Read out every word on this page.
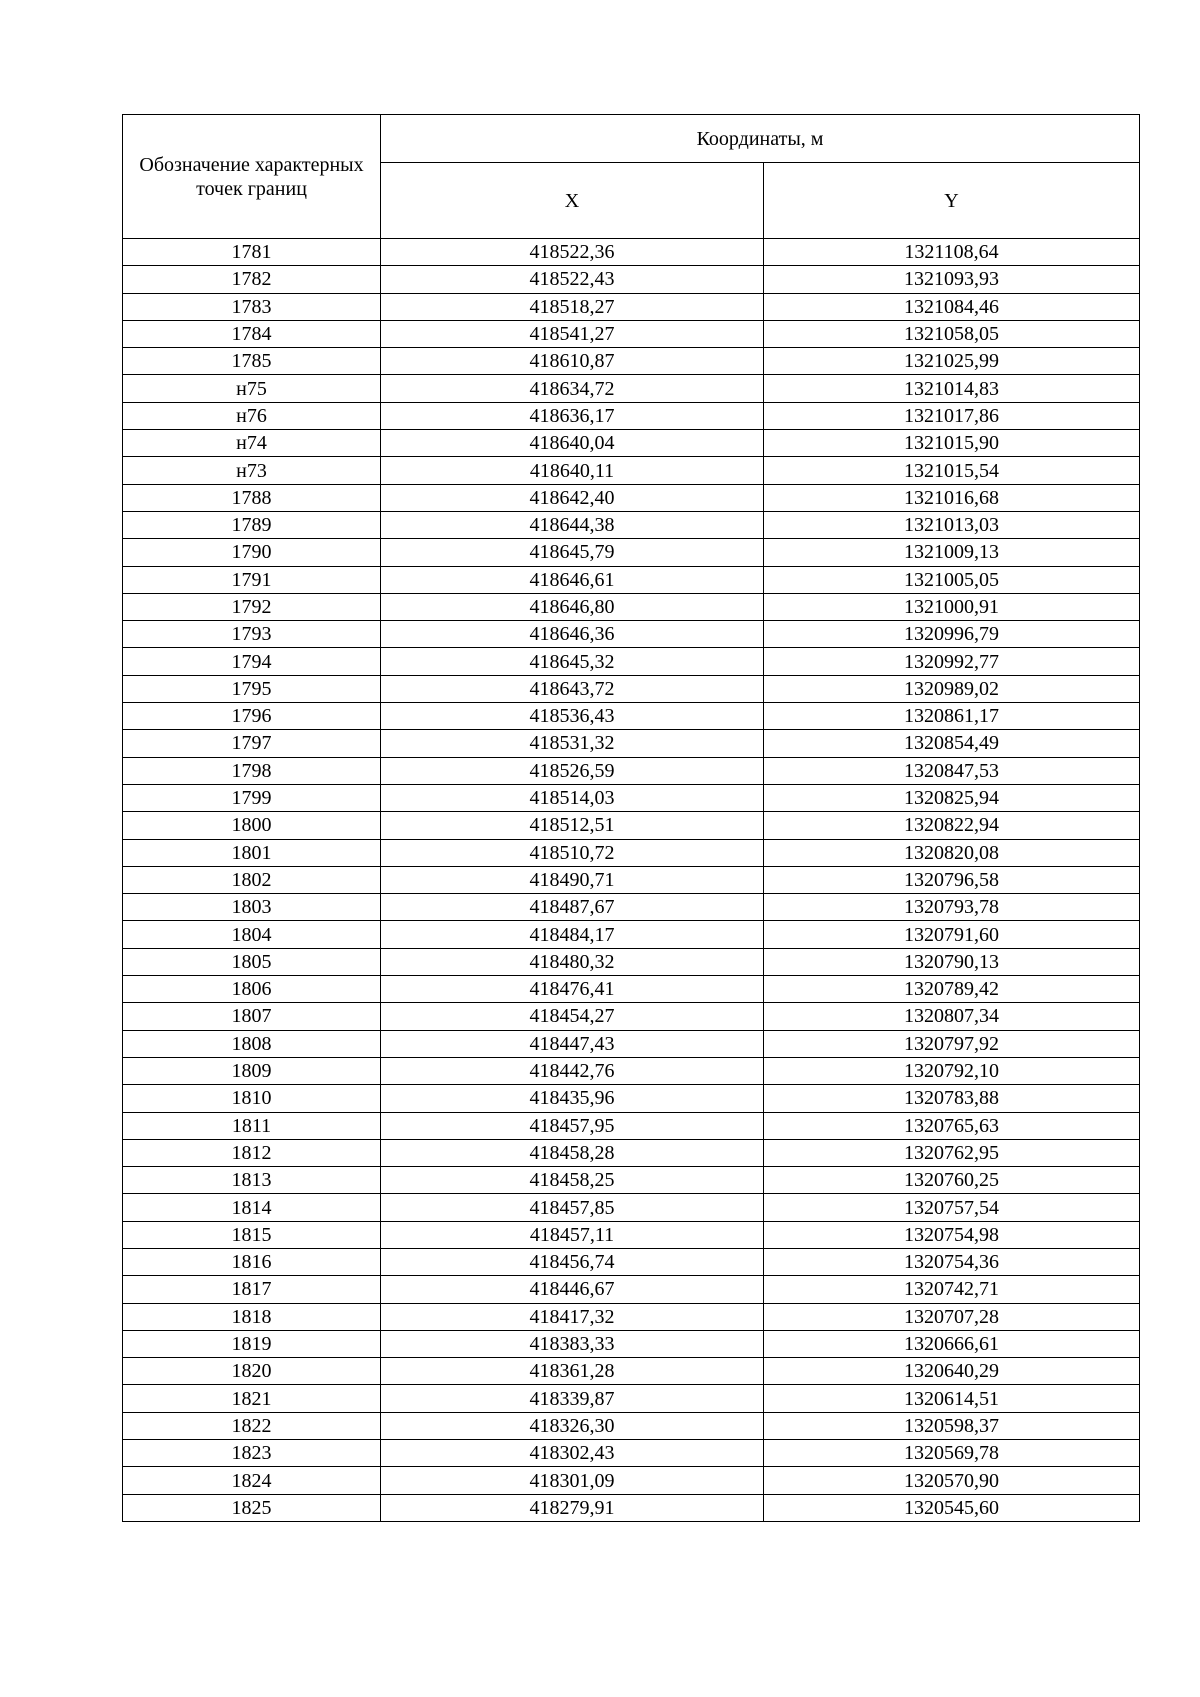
Обозначение характерных точек границ	Координаты, м	
	X	Y
1781	418522,36	1321108,64
1782	418522,43	1321093,93
1783	418518,27	1321084,46
1784	418541,27	1321058,05
1785	418610,87	1321025,99
н75	418634,72	1321014,83
н76	418636,17	1321017,86
н74	418640,04	1321015,90
н73	418640,11	1321015,54
1788	418642,40	1321016,68
1789	418644,38	1321013,03
1790	418645,79	1321009,13
1791	418646,61	1321005,05
1792	418646,80	1321000,91
1793	418646,36	1320996,79
1794	418645,32	1320992,77
1795	418643,72	1320989,02
1796	418536,43	1320861,17
1797	418531,32	1320854,49
1798	418526,59	1320847,53
1799	418514,03	1320825,94
1800	418512,51	1320822,94
1801	418510,72	1320820,08
1802	418490,71	1320796,58
1803	418487,67	1320793,78
1804	418484,17	1320791,60
1805	418480,32	1320790,13
1806	418476,41	1320789,42
1807	418454,27	1320807,34
1808	418447,43	1320797,92
1809	418442,76	1320792,10
1810	418435,96	1320783,88
1811	418457,95	1320765,63
1812	418458,28	1320762,95
1813	418458,25	1320760,25
1814	418457,85	1320757,54
1815	418457,11	1320754,98
1816	418456,74	1320754,36
1817	418446,67	1320742,71
1818	418417,32	1320707,28
1819	418383,33	1320666,61
1820	418361,28	1320640,29
1821	418339,87	1320614,51
1822	418326,30	1320598,37
1823	418302,43	1320569,78
1824	418301,09	1320570,90
1825	418279,91	1320545,60
